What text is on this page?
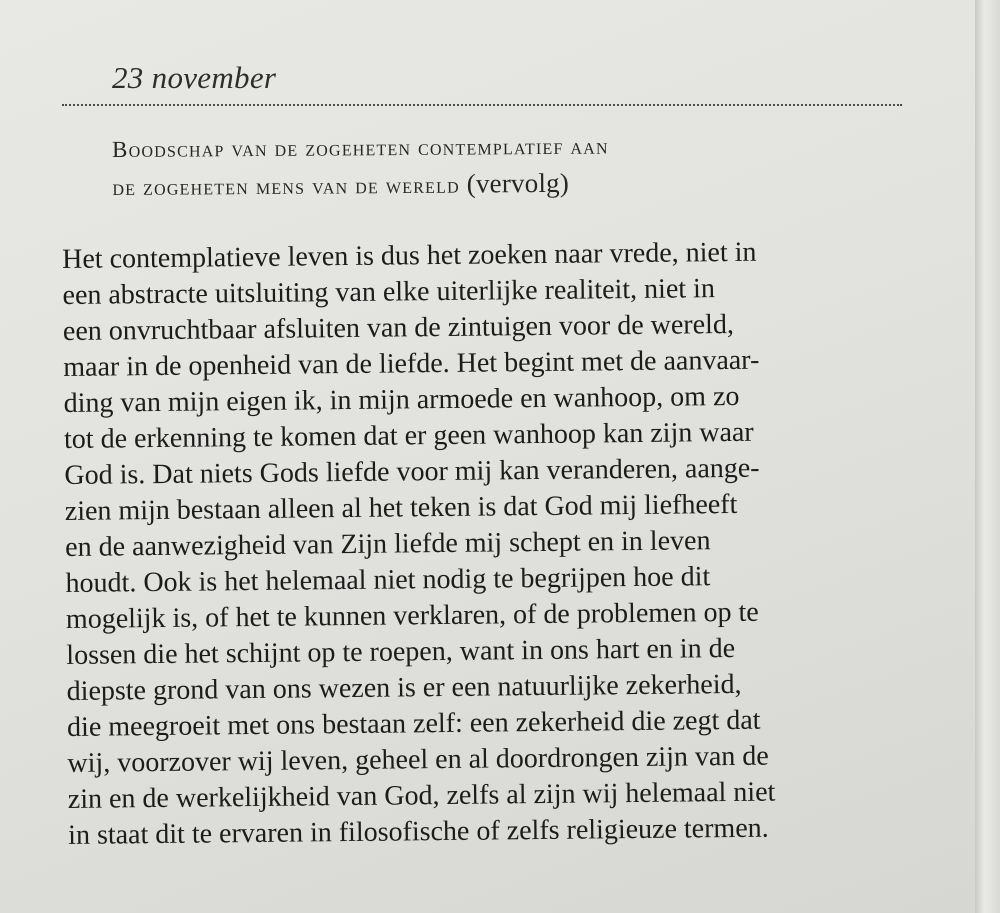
23 november
Boodschap van de zogeheten contemplatief aan
de zogeheten mens van de wereld (vervolg)
Het contemplatieve leven is dus het zoeken naar vrede, niet in
een abstracte uitsluiting van elke uiterlijke realiteit, niet in
een onvruchtbaar afsluiten van de zintuigen voor de wereld,
maar in de openheid van de liefde. Het begint met de aanvaar-
ding van mijn eigen ik, in mijn armoede en wanhoop, om zo
tot de erkenning te komen dat er geen wanhoop kan zijn waar
God is. Dat niets Gods liefde voor mij kan veranderen, aange-
zien mijn bestaan alleen al het teken is dat God mij liefheeft
en de aanwezigheid van Zijn liefde mij schept en in leven
houdt. Ook is het helemaal niet nodig te begrijpen hoe dit
mogelijk is, of het te kunnen verklaren, of de problemen op te
lossen die het schijnt op te roepen, want in ons hart en in de
diepste grond van ons wezen is er een natuurlijke zekerheid,
die meegroeit met ons bestaan zelf: een zekerheid die zegt dat
wij, voorzover wij leven, geheel en al doordrongen zijn van de
zin en de werkelijkheid van God, zelfs al zijn wij helemaal niet
in staat dit te ervaren in filosofische of zelfs religieuze termen.
